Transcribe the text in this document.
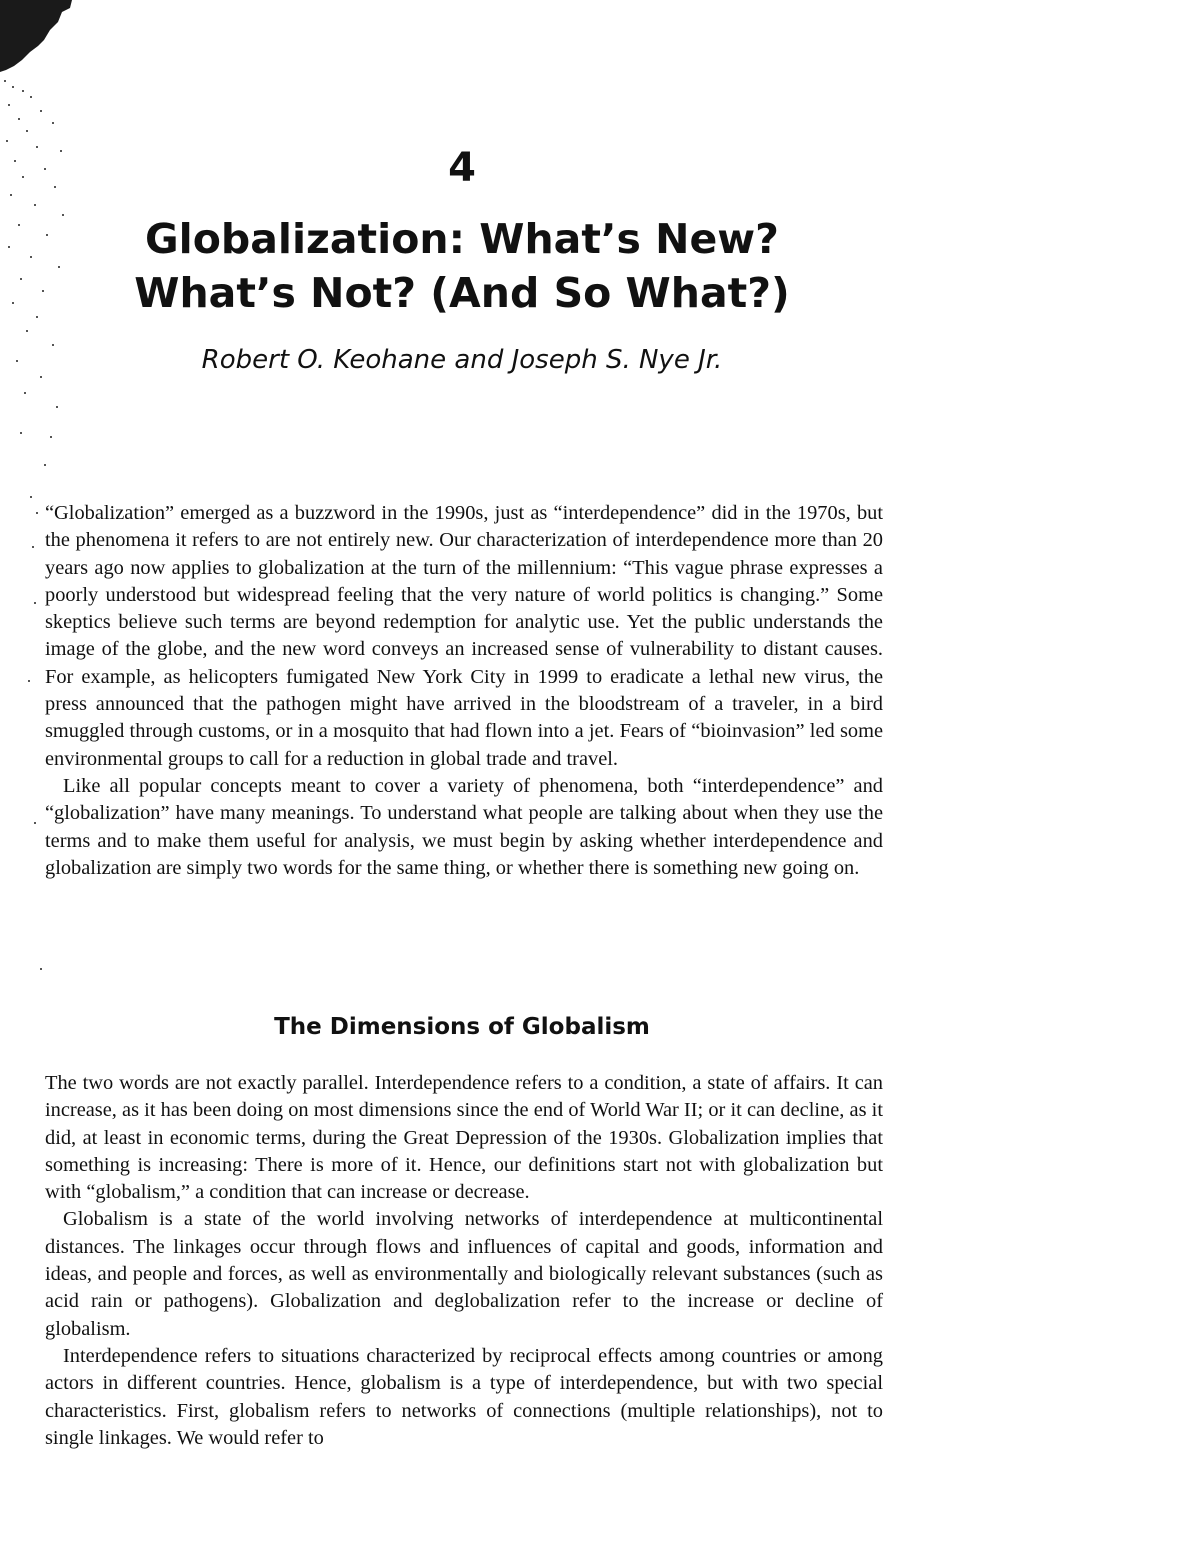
4
Globalization: What’s New?
What’s Not? (And So What?)

Robert O. Keohane and Joseph S. Nye Jr.

“Globalization” emerged as a buzzword in the 1990s, just as “interdependence” did in the 1970s, but the phenomena it refers to are not entirely new. Our characterization of interdependence more than 20 years ago now applies to globalization at the turn of the millennium: “This vague phrase expresses a poorly understood but widespread feeling that the very nature of world politics is changing.” Some skeptics believe such terms are beyond redemption for analytic use. Yet the public understands the image of the globe, and the new word conveys an increased sense of vulnerability to distant causes. For example, as helicopters fumigated New York City in 1999 to eradicate a lethal new virus, the press announced that the pathogen might have arrived in the bloodstream of a traveler, in a bird smuggled through customs, or in a mosquito that had flown into a jet. Fears of “bioinvasion” led some environmental groups to call for a reduction in global trade and travel.

Like all popular concepts meant to cover a variety of phenomena, both “interdependence” and “globalization” have many meanings. To understand what people are talking about when they use the terms and to make them useful for analysis, we must begin by asking whether interdependence and globalization are simply two words for the same thing, or whether there is something new going on.

The Dimensions of Globalism

The two words are not exactly parallel. Interdependence refers to a condition, a state of affairs. It can increase, as it has been doing on most dimensions since the end of World War II; or it can decline, as it did, at least in economic terms, during the Great Depression of the 1930s. Globalization implies that something is increasing: There is more of it. Hence, our definitions start not with globalization but with “globalism,” a condition that can increase or decrease.

Globalism is a state of the world involving networks of interdependence at multicontinental distances. The linkages occur through flows and influences of capital and goods, information and ideas, and people and forces, as well as environmentally and biologically relevant substances (such as acid rain or pathogens). Globalization and deglobalization refer to the increase or decline of globalism.

Interdependence refers to situations characterized by reciprocal effects among countries or among actors in different countries. Hence, globalism is a type of interdependence, but with two special characteristics. First, globalism refers to networks of connections (multiple relationships), not to single linkages. We would refer to
